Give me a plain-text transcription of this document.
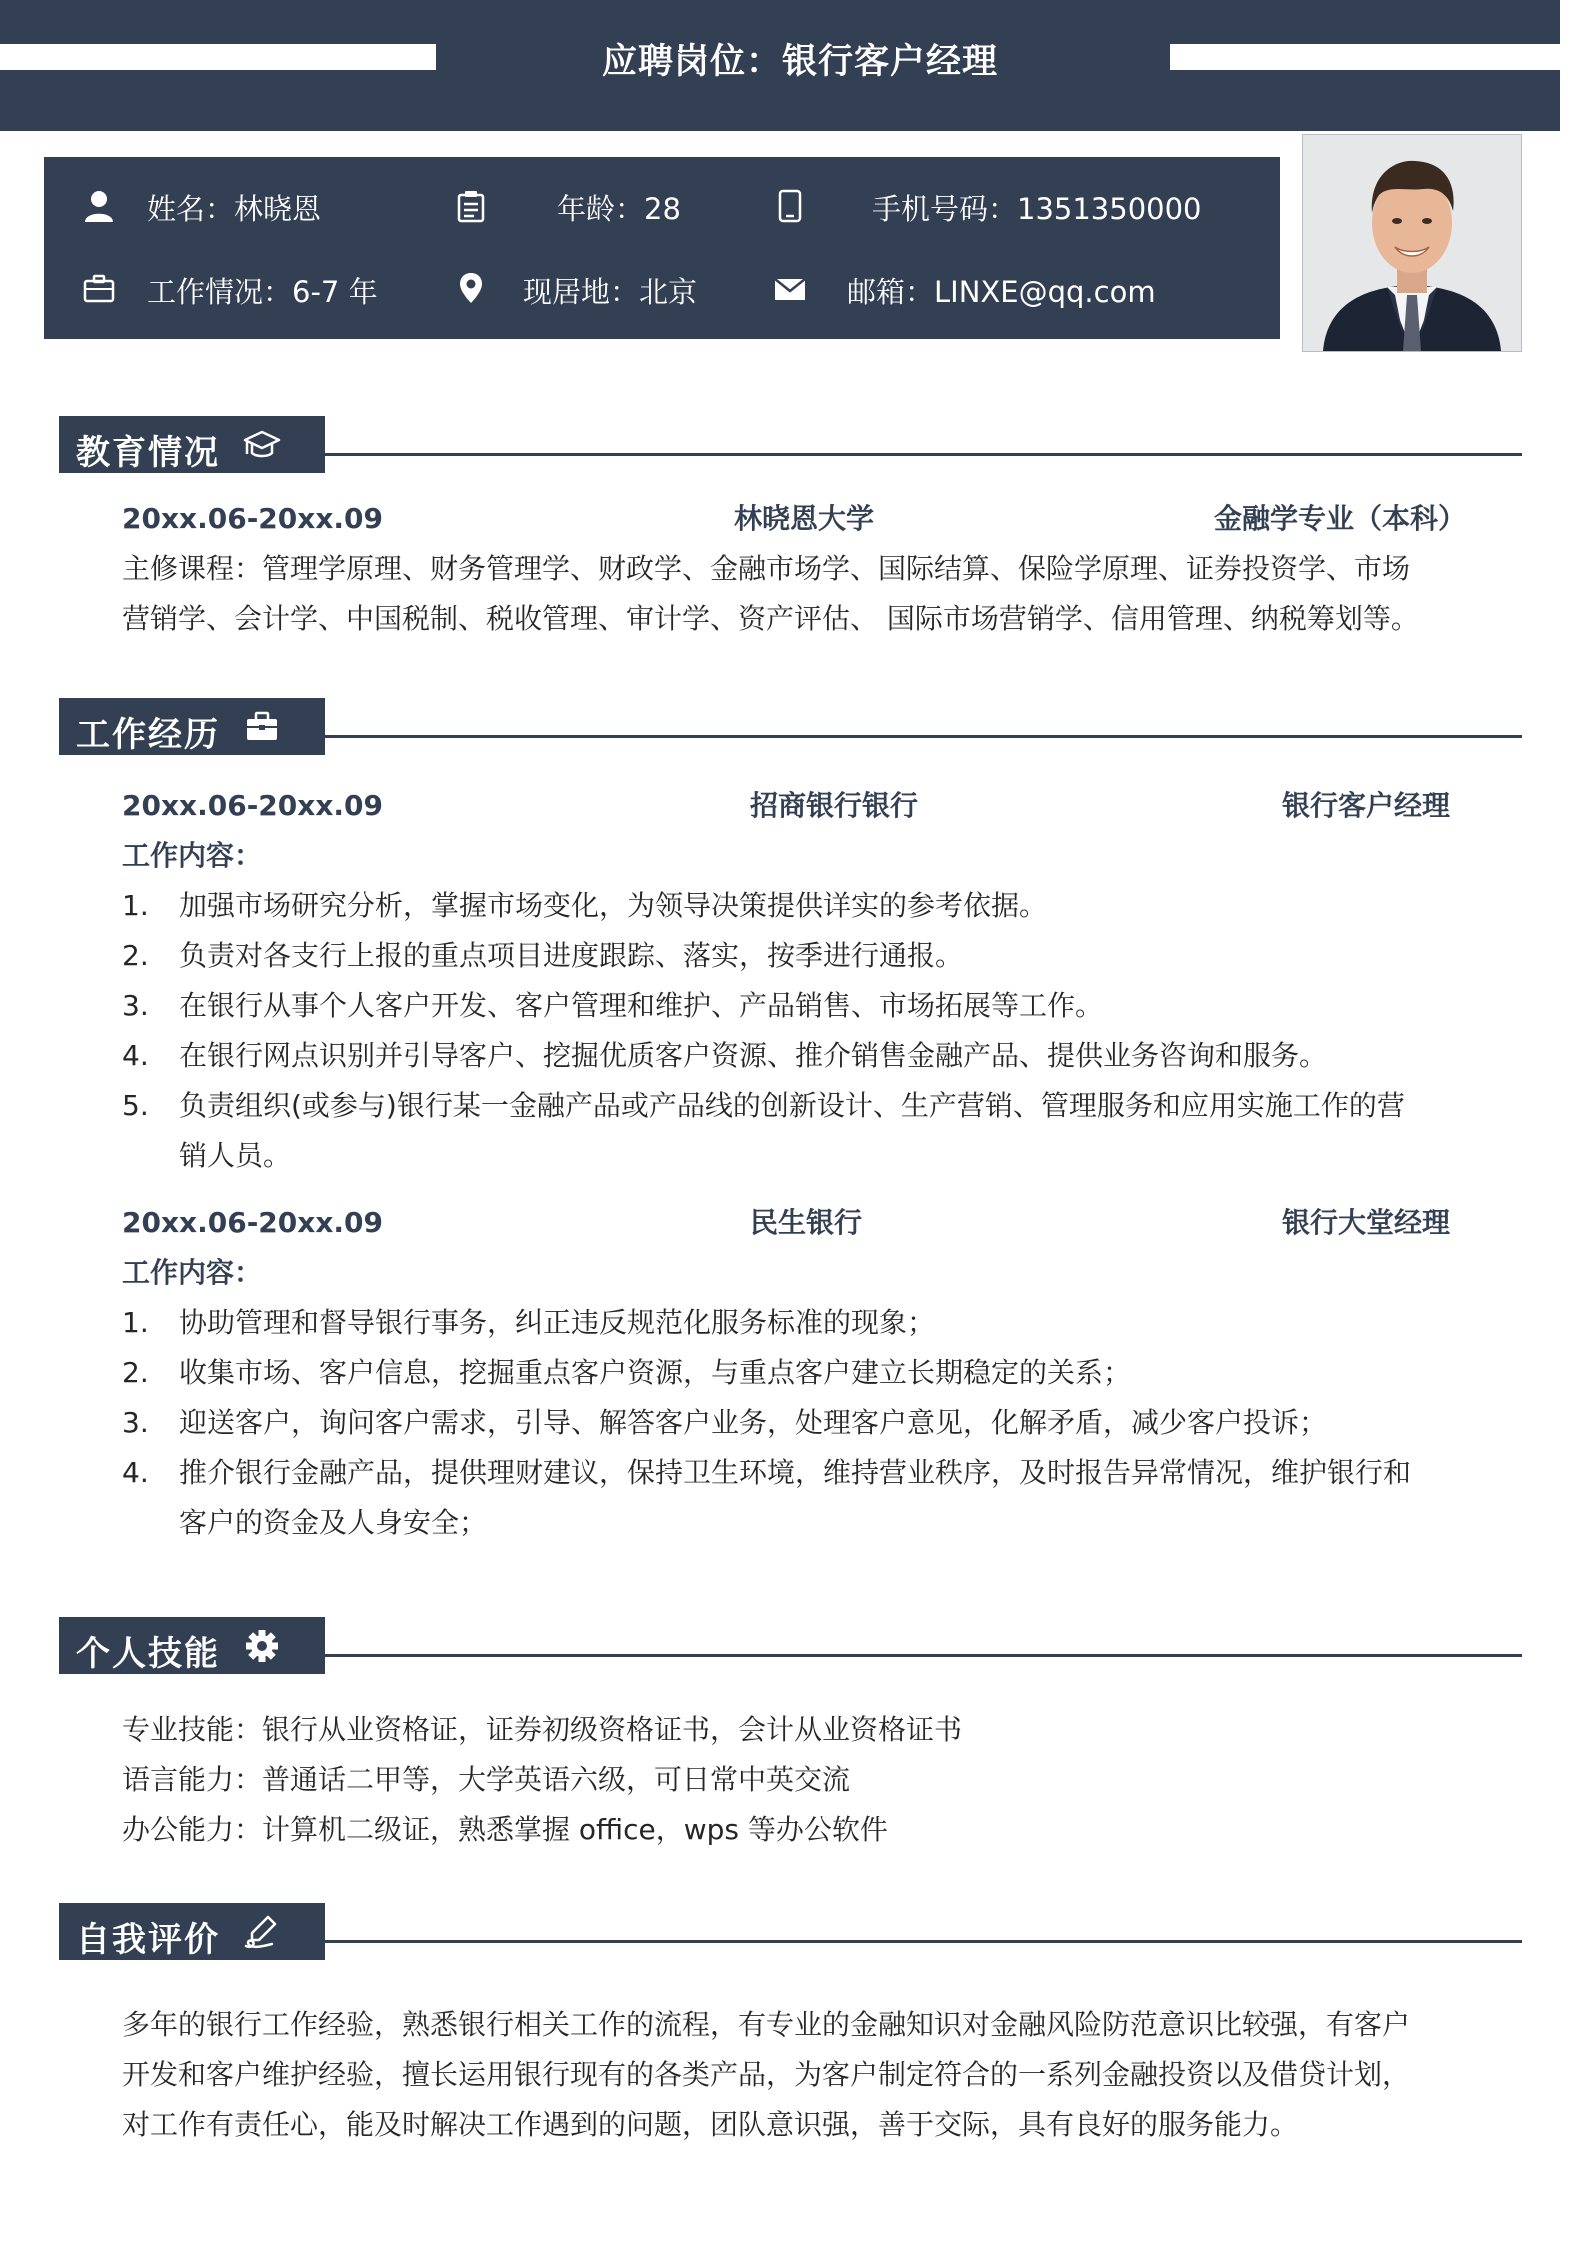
应聘岗位：银行客户经理
姓名：林晓恩	年龄：28	手机号码：1351350000
工作情况：6-7 年	现居地：北京	邮箱：LINXE@qq.com
教育情况
20xx.06-20xx.09	林晓恩大学	金融学专业（本科）
主修课程：管理学原理、财务管理学、财政学、金融市场学、国际结算、保险学原理、证券投资学、市场
营销学、会计学、中国税制、税收管理、审计学、资产评估、 国际市场营销学、信用管理、纳税筹划等。
工作经历
20xx.06-20xx.09	招商银行银行	银行客户经理
工作内容：
1.	加强市场研究分析，掌握市场变化，为领导决策提供详实的参考依据。
2.	负责对各支行上报的重点项目进度跟踪、落实，按季进行通报。
3.	在银行从事个人客户开发、客户管理和维护、产品销售、市场拓展等工作。
4.	在银行网点识别并引导客户、挖掘优质客户资源、推介销售金融产品、提供业务咨询和服务。
5.	负责组织(或参与)银行某一金融产品或产品线的创新设计、生产营销、管理服务和应用实施工作的营
销人员。
20xx.06-20xx.09	民生银行	银行大堂经理
工作内容：
1.	协助管理和督导银行事务，纠正违反规范化服务标准的现象；
2.	收集市场、客户信息，挖掘重点客户资源，与重点客户建立长期稳定的关系；
3.	迎送客户，询问客户需求，引导、解答客户业务，处理客户意见，化解矛盾，减少客户投诉；
4.	推介银行金融产品，提供理财建议，保持卫生环境，维持营业秩序，及时报告异常情况，维护银行和
客户的资金及人身安全；
个人技能
专业技能：银行从业资格证，证券初级资格证书，会计从业资格证书
语言能力：普通话二甲等，大学英语六级，可日常中英交流
办公能力：计算机二级证，熟悉掌握 office，wps 等办公软件
自我评价
多年的银行工作经验，熟悉银行相关工作的流程，有专业的金融知识对金融风险防范意识比较强，有客户
开发和客户维护经验，擅长运用银行现有的各类产品，为客户制定符合的一系列金融投资以及借贷计划，
对工作有责任心，能及时解决工作遇到的问题，团队意识强，善于交际，具有良好的服务能力。
